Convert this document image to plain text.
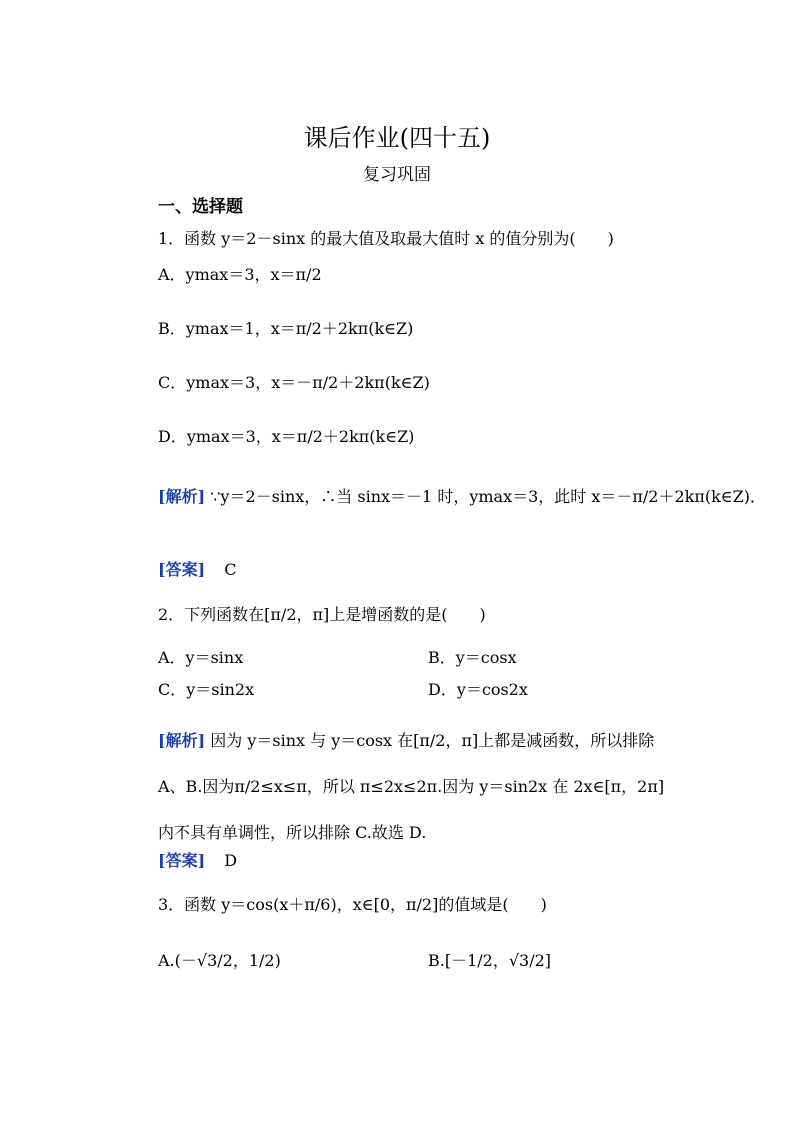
课后作业(四十五)
复习巩固
一、选择题
1．函数 y＝2－sinx 的最大值及取最大值时 x 的值分别为(　　)
A．ymax＝3，x＝π/2
B．ymax＝1，x＝π/2＋2kπ(k∈Z)
C．ymax＝3，x＝－π/2＋2kπ(k∈Z)
D．ymax＝3，x＝π/2＋2kπ(k∈Z)
[解析] ∵y＝2－sinx，∴当 sinx＝－1 时，ymax＝3，此时 x＝－π/2＋2kπ(k∈Z)．
[答案] C
2．下列函数在[π/2，π]上是增函数的是(　　)
A．y＝sinx	B．y＝cosx
C．y＝sin2x	D．y＝cos2x
[解析] 因为 y＝sinx 与 y＝cosx 在[π/2，π]上都是减函数，所以排除 A、B.因为π/2≤x≤π，所以 π≤2x≤2π.因为 y＝sin2x 在 2x∈[π，2π]内不具有单调性，所以排除 C.故选 D.
[答案] D
3．函数 y＝cos(x＋π/6)，x∈[0，π/2]的值域是(　　)
A.(－√3/2，1/2)	B.[－1/2，√3/2]
